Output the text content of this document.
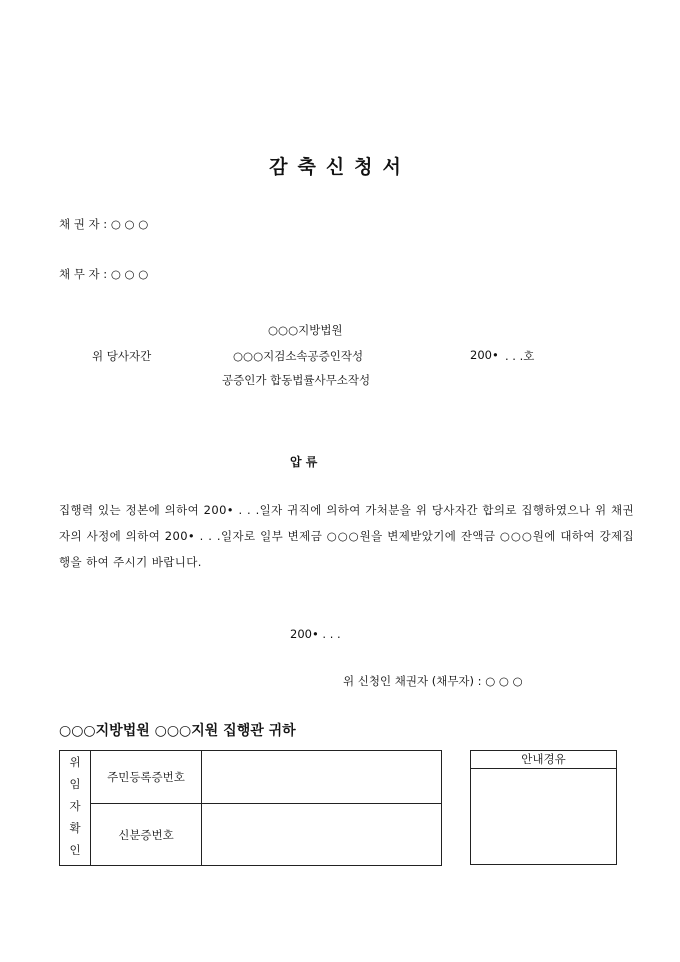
감축신청서
채 권 자 : ○ ○ ○
채 무 자 : ○ ○ ○
○○○지방법원
위 당사자간	○○○지검소속공증인작성	200• . . .호
공증인가 합동법률사무소작성
압 류
집행력 있는 정본에 의하여 200• . . .일자 귀직에 의하여 가처분을 위 당사자간 합의로 집행하였으나 위 채권자의 사정에 의하여 200• . . .일자로 일부 변제금 ○○○원을 변제받았기에 잔액금 ○○○원에 대하여 강제집행을 하여 주시기 바랍니다.
200• . . .
위 신청인 채권자 (채무자) : ○ ○ ○
○○○지방법원 ○○○지원 집행관 귀하
위
임
자
확
인	주민등록증번호	
	신분증번호	
안내경유
